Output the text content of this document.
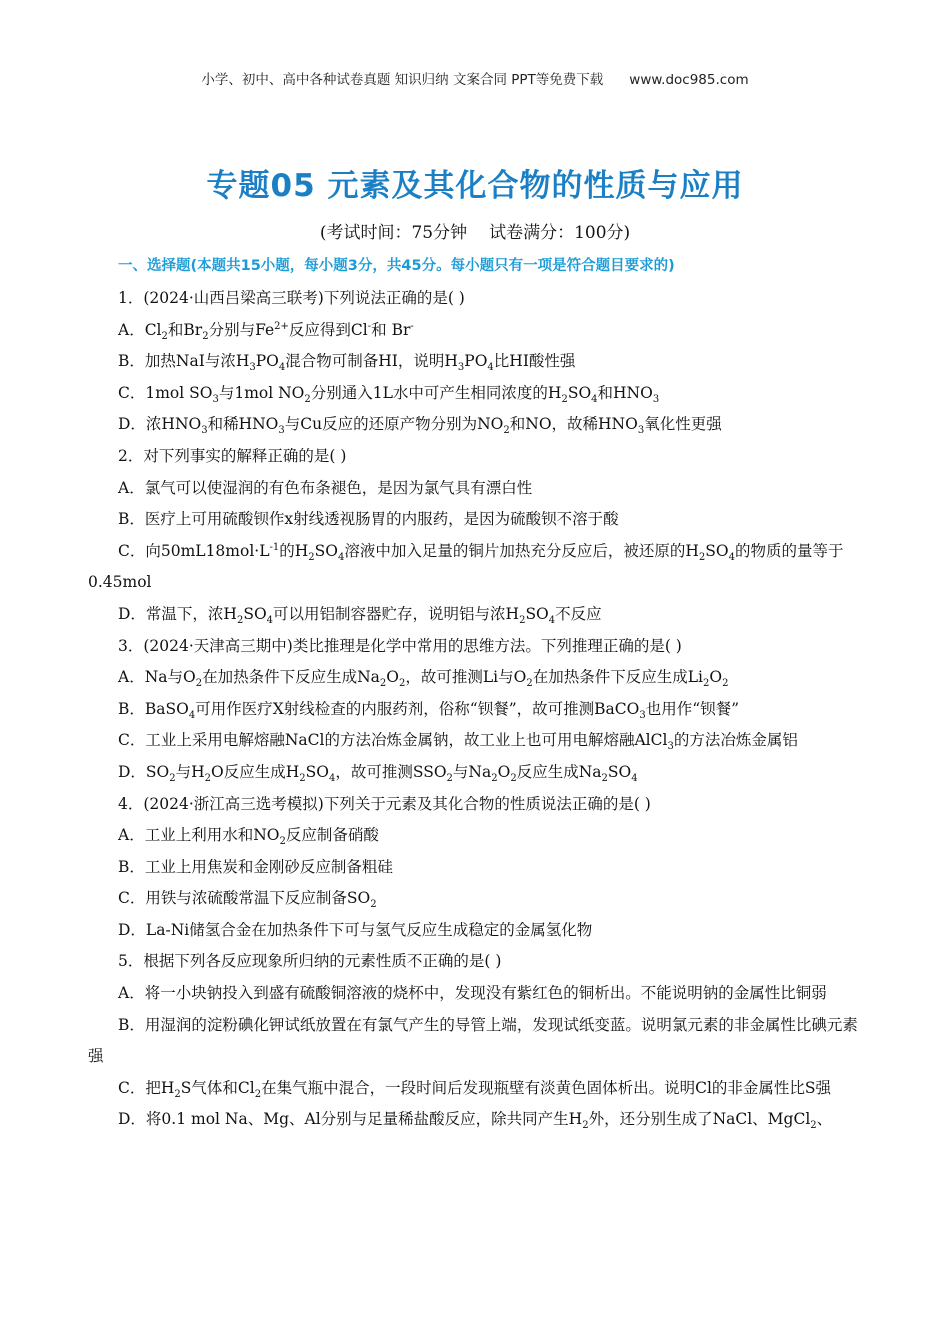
小学、初中、高中各种试卷真题 知识归纳 文案合同 PPT等免费下载 www.doc985.com
专题05 元素及其化合物的性质与应用
(考试时间：75分钟 试卷满分：100分)
一、选择题(本题共15小题，每小题3分，共45分。每小题只有一项是符合题目要求的)
1．(2024·山西吕梁高三联考)下列说法正确的是( )
A．$Cl_2$和$Br_2$分别与$Fe^{2+}$反应得到Cl-和 Br-
B．加热NaI与浓$H_3PO_4$混合物可制备HI，说明$H_3PO_4$比HI酸性强
C．1mol $SO_3$与1mol $NO_2$分别通入1L水中可产生相同浓度的$H_2SO_4$和$HNO_3$
D．浓$HNO_3$和稀$HNO_3$与Cu反应的还原产物分别为$NO_2$和NO，故稀$HNO_3$氧化性更强
2．对下列事实的解释正确的是( )
A．氯气可以使湿润的有色布条褪色，是因为氯气具有漂白性
B．医疗上可用硫酸钡作x射线透视肠胃的内服药，是因为硫酸钡不溶于酸
C．向$50mL18mol\cdot L^{-1}$的$H_2SO_4$溶液中加入足量的铜片加热充分反应后，被还原的$H_2SO_4$的物质的量等于0.45mol
D．常温下，浓$H_2SO_4$可以用铝制容器贮存，说明铝与浓$H_2SO_4$不反应
3．(2024·天津高三期中)类比推理是化学中常用的思维方法。下列推理正确的是( )
A．Na与$O_2$在加热条件下反应生成$Na_2O_2$，故可推测Li与$O_2$在加热条件下反应生成$Li_2O_2$
B．BaSO$_4$可用作医疗X射线检查的内服药剂，俗称“钡餐”，故可推测BaCO$_3$也用作“钡餐”
C．工业上采用电解熔融NaCl的方法冶炼金属钠，故工业上也可用电解熔融AlCl$_3$的方法冶炼金属铝
D．$SO_2$与$H_2O$反应生成$H_2SO_4$，故可推测$SSO_2$与$Na_2O_2$反应生成$Na_2SO_4$
4．(2024·浙江高三选考模拟)下列关于元素及其化合物的性质说法正确的是( )
A．工业上利用水和$NO_2$反应制备硝酸
B．工业上用焦炭和金刚砂反应制备粗硅
C．用铁与浓硫酸常温下反应制备$SO_2$
D．La-Ni储氢合金在加热条件下可与氢气反应生成稳定的金属氢化物
5．根据下列各反应现象所归纳的元素性质不正确的是( )
A．将一小块钠投入到盛有硫酸铜溶液的烧杯中，发现没有紫红色的铜析出。不能说明钠的金属性比铜弱
B．用湿润的淀粉碘化钾试纸放置在有氯气产生的导管上端，发现试纸变蓝。说明氯元素的非金属性比碘元素强
C．把$H_2S$气体和$Cl_2$在集气瓶中混合，一段时间后发现瓶壁有淡黄色固体析出。说明Cl的非金属性比S强
D．将0.1 mol Na、Mg、Al分别与足量稀盐酸反应，除共同产生$H_2$外，还分别生成了NaCl、MgCl$_2$、
